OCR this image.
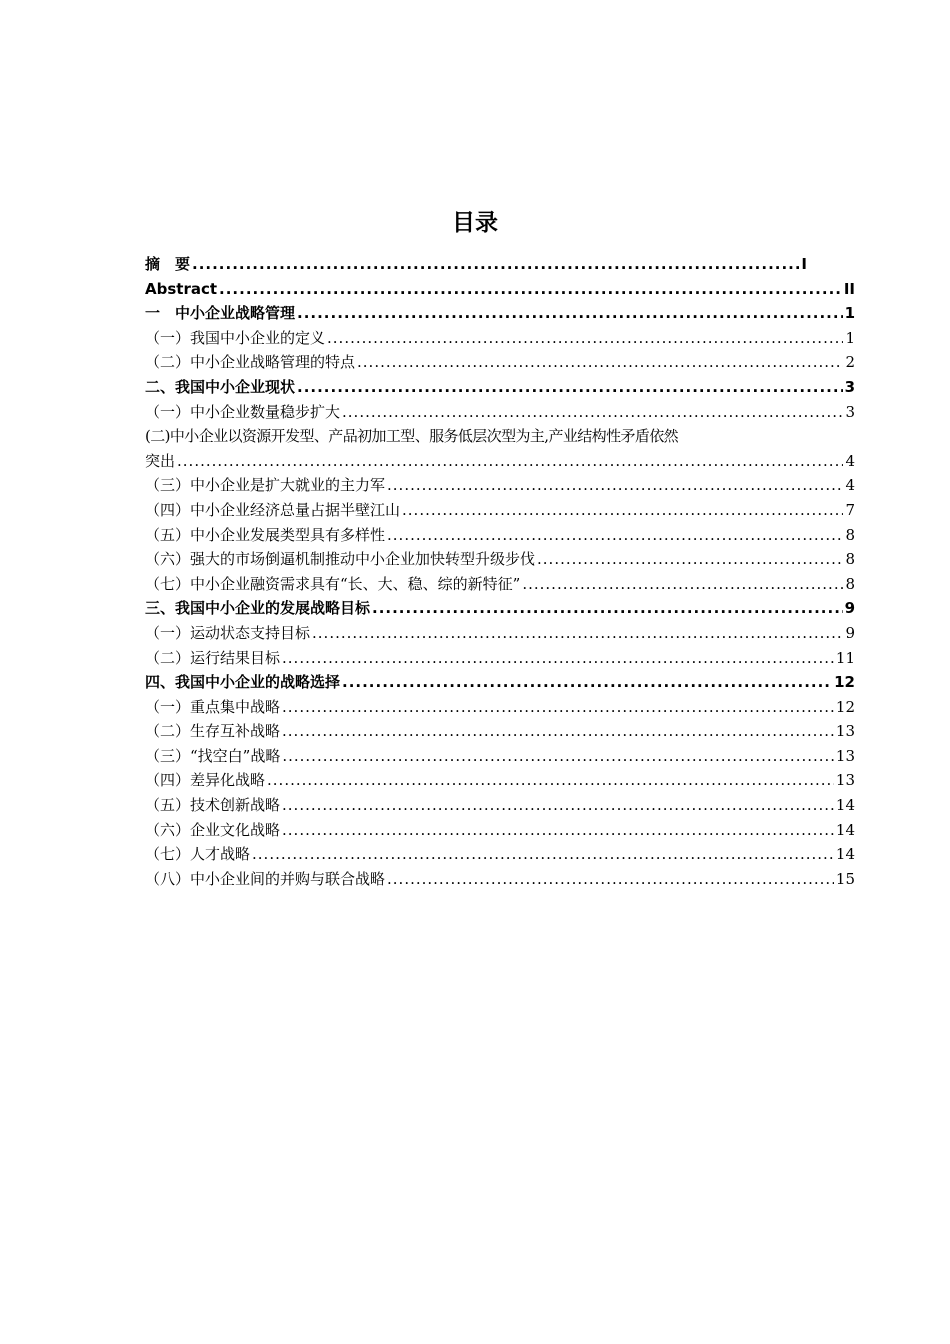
目录
摘　要 .....	I
Abstract .....	II
一　中小企业战略管理 .....	1
（一）我国中小企业的定义 .....	1
（二）中小企业战略管理的特点 .....	2
二、我国中小企业现状 .....	3
（一）中小企业数量稳步扩大 .....	3
(二)中小企业以资源开发型、产品初加工型、服务低层次型为主,产业结构性矛盾依然
突出 .....	4
（三）中小企业是扩大就业的主力军 .....	4
（四）中小企业经济总量占据半壁江山 .....	7
（五）中小企业发展类型具有多样性 .....	8
（六）强大的市场倒逼机制推动中小企业加快转型升级步伐 .....	8
（七）中小企业融资需求具有“长、大、稳、综的新特征” .....	8
三、我国中小企业的发展战略目标 .....	9
（一）运动状态支持目标 .....	9
（二）运行结果目标 .....	11
四、我国中小企业的战略选择 .....	12
（一）重点集中战略 .....	12
（二）生存互补战略 .....	13
（三）“找空白”战略 .....	13
（四）差异化战略 .....	13
（五）技术创新战略 .....	14
（六）企业文化战略 .....	14
（七）人才战略 .....	14
（八）中小企业间的并购与联合战略 .....	15
